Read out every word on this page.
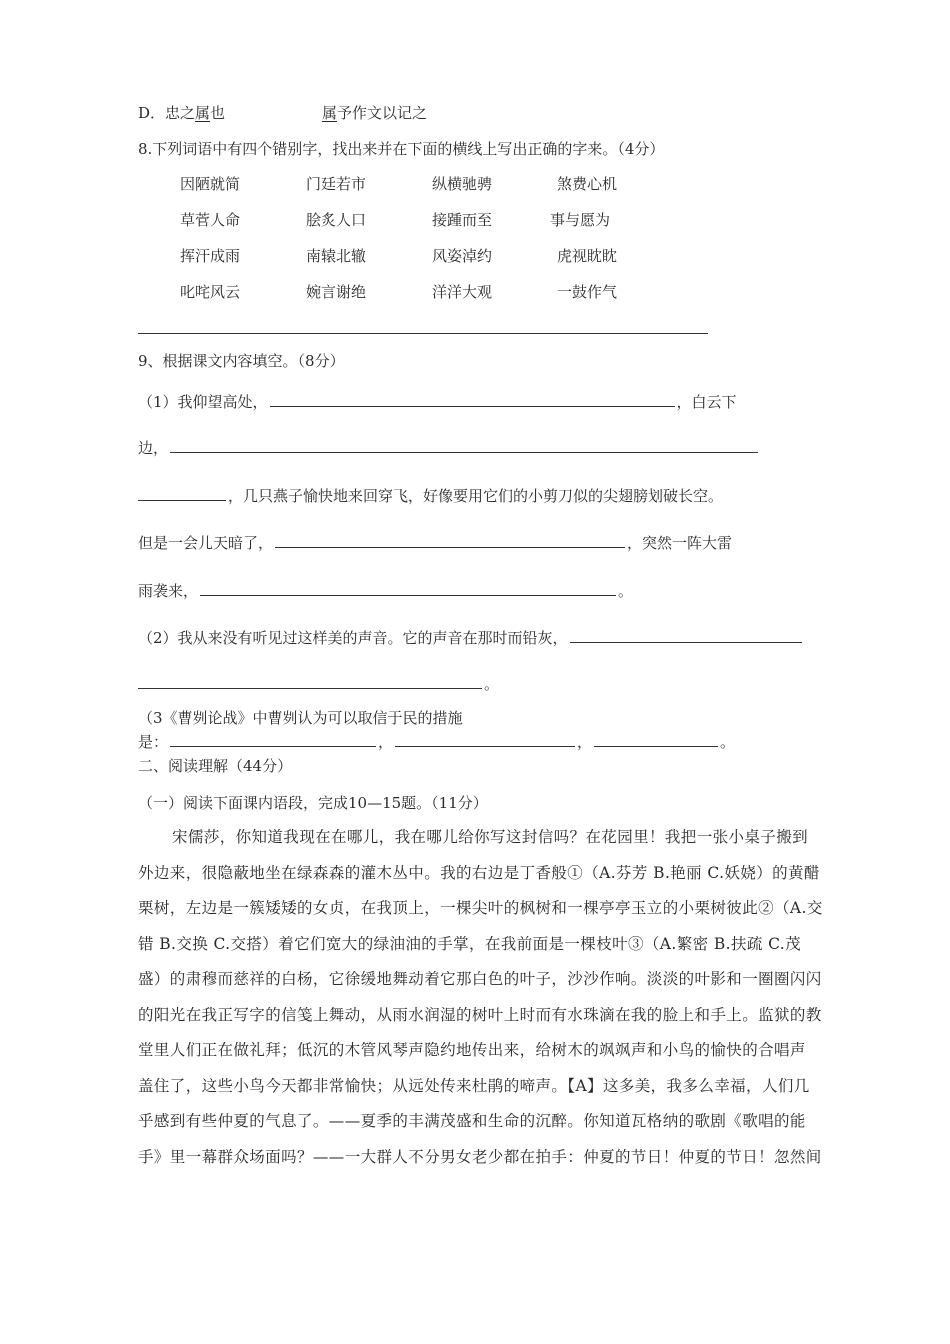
D．忠之属也	属予作文以记之
8.下列词语中有四个错别字，找出来并在下面的横线上写出正确的字来。（4分）
因陋就简	门廷若市	纵横驰骋	煞费心机
草菅人命	脍炙人口	接踵而至	事与愿为
挥汗成雨	南辕北辙	风姿淖约	虎视眈眈
叱咤风云	婉言谢绝	洋洋大观	一鼓作气
9、根据课文内容填空。（8分）
（1）我仰望高处，	，白云下
边，
，几只燕子愉快地来回穿飞，好像要用它们的小剪刀似的尖翅膀划破长空。
但是一会儿天暗了，	，突然一阵大雷
雨袭来，	。
（2）我从来没有听见过这样美的声音。它的声音在那时而铅灰，
。
（3《曹刿论战》中曹刿认为可以取信于民的措施
是：	，	，	。
二、阅读理解（44分）
（一）阅读下面课内语段，完成10—15题。（11分）
宋儒莎，你知道我现在在哪儿，我在哪儿给你写这封信吗？在花园里！我把一张小桌子搬到
外边来，很隐蔽地坐在绿森森的灌木丛中。我的右边是丁香般①（A.芬芳 B.艳丽 C.妖娆）的黄醋
栗树，左边是一簇矮矮的女贞，在我顶上，一棵尖叶的枫树和一棵亭亭玉立的小栗树彼此②（A.交
错 B.交换 C.交搭）着它们宽大的绿油油的手掌，在我前面是一棵枝叶③（A.繁密 B.扶疏 C.茂
盛）的肃穆而慈祥的白杨，它徐缓地舞动着它那白色的叶子，沙沙作响。淡淡的叶影和一圈圈闪闪
的阳光在我正写字的信笺上舞动，从雨水润湿的树叶上时而有水珠滴在我的脸上和手上。监狱的教
堂里人们正在做礼拜；低沉的木管风琴声隐约地传出来，给树木的飒飒声和小鸟的愉快的合唱声
盖住了，这些小鸟今天都非常愉快；从远处传来杜鹃的啼声。【A】这多美，我多么幸福，人们几
乎感到有些仲夏的气息了。——夏季的丰满茂盛和生命的沉醉。你知道瓦格纳的歌剧《歌唱的能
手》里一幕群众场面吗？——一大群人不分男女老少都在拍手：仲夏的节日！仲夏的节日！忽然间
